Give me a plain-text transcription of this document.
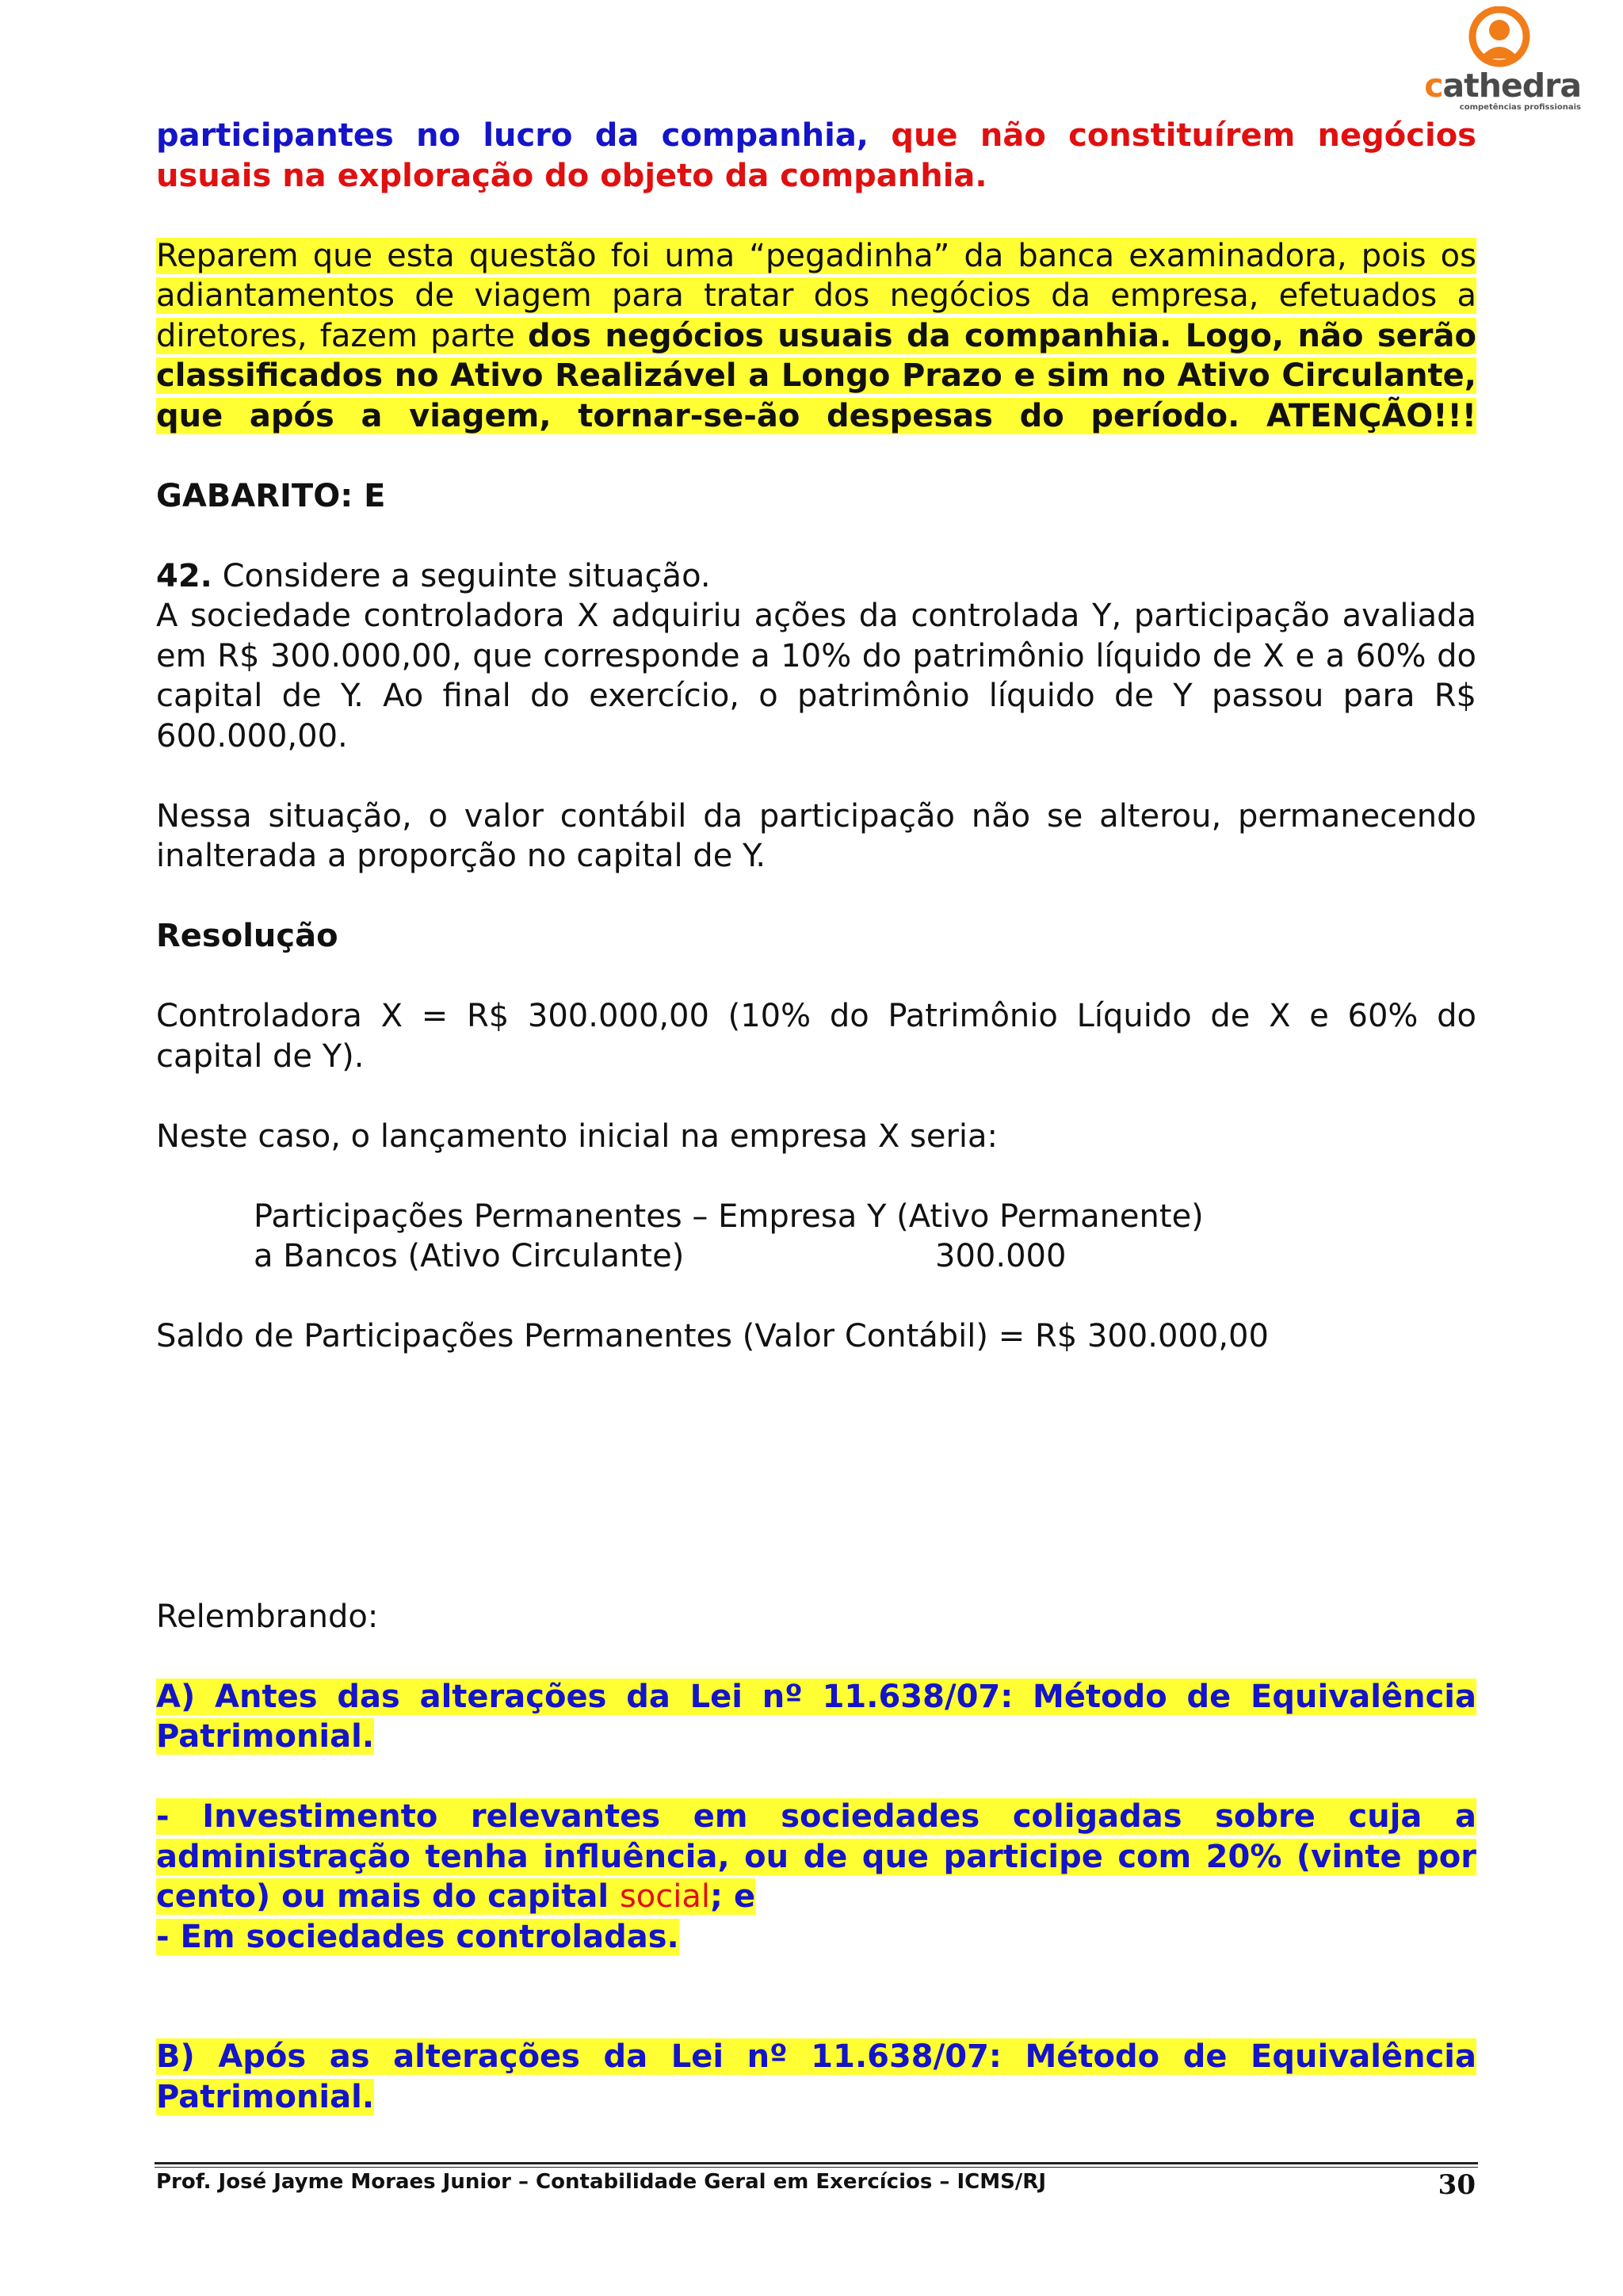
cathedra
competências profissionais

participantes no lucro da companhia, que não constituírem negócios usuais na exploração do objeto da companhia.

Reparem que esta questão foi uma “pegadinha” da banca examinadora, pois os adiantamentos de viagem para tratar dos negócios da empresa, efetuados a diretores, fazem parte dos negócios usuais da companhia. Logo, não serão classificados no Ativo Realizável a Longo Prazo e sim no Ativo Circulante, que após a viagem, tornar-se-ão despesas do período. ATENÇÃO!!!

GABARITO: E

42. Considere a seguinte situação.

A sociedade controladora X adquiriu ações da controlada Y, participação avaliada em R$ 300.000,00, que corresponde a 10% do patrimônio líquido de X e a 60% do capital de Y. Ao final do exercício, o patrimônio líquido de Y passou para R$ 600.000,00.

Nessa situação, o valor contábil da participação não se alterou, permanecendo inalterada a proporção no capital de Y.

Resolução

Controladora X = R$ 300.000,00 (10% do Patrimônio Líquido de X e 60% do capital de Y).

Neste caso, o lançamento inicial na empresa X seria:

Participações Permanentes – Empresa Y (Ativo Permanente)

a Bancos (Ativo Circulante)	300.000

Saldo de Participações Permanentes (Valor Contábil) = R$ 300.000,00

Relembrando:

A) Antes das alterações da Lei nº 11.638/07: Método de Equivalência Patrimonial.

- Investimento relevantes em sociedades coligadas sobre cuja a administração tenha influência, ou de que participe com 20% (vinte por cento) ou mais do capital social; e

- Em sociedades controladas.

B) Após as alterações da Lei nº 11.638/07: Método de Equivalência Patrimonial.

Prof. José Jayme Moraes Junior – Contabilidade Geral em Exercícios – ICMS/RJ	30
